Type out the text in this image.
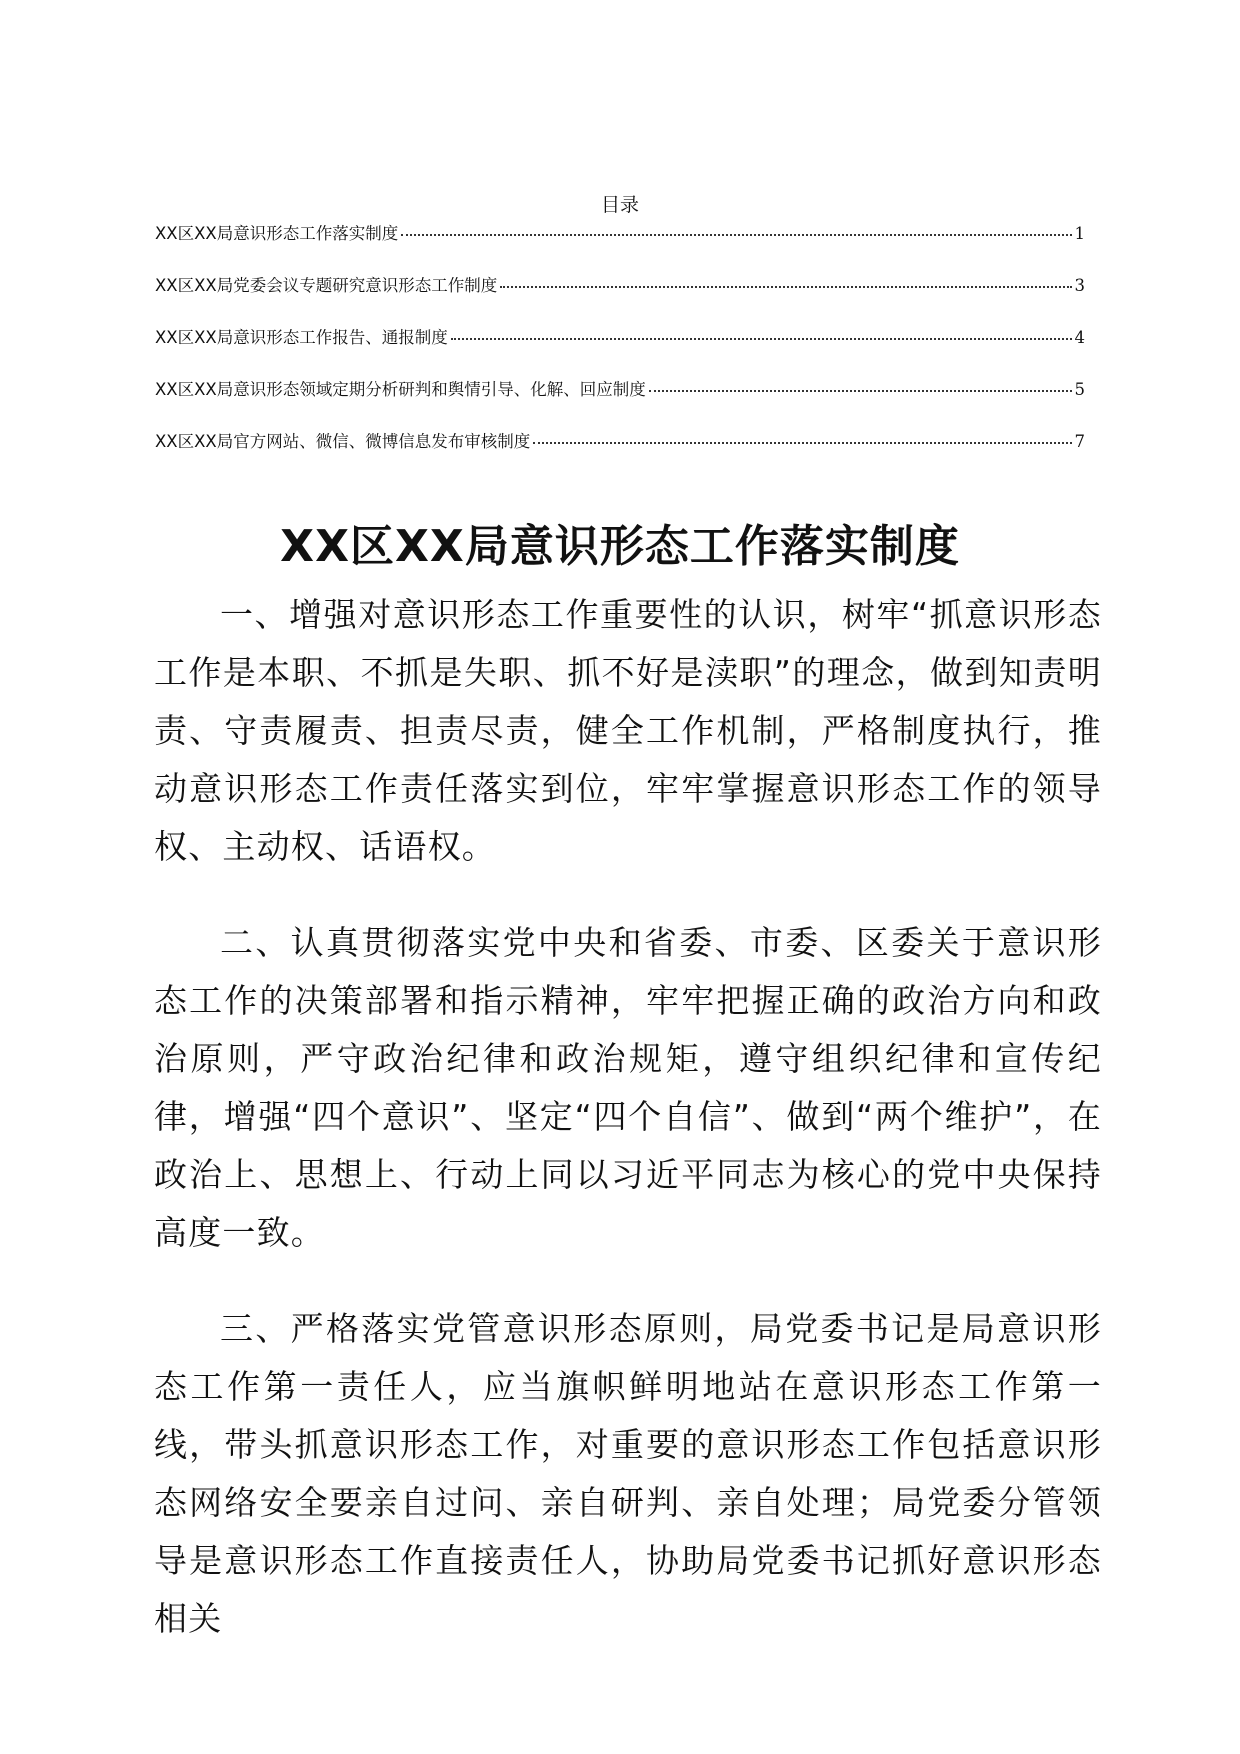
目录
XX区XX局意识形态工作落实制度	1
XX区XX局党委会议专题研究意识形态工作制度	3
XX区XX局意识形态工作报告、通报制度	4
XX区XX局意识形态领域定期分析研判和舆情引导、化解、回应制度	5
XX区XX局官方网站、微信、微博信息发布审核制度	7
XX区XX局意识形态工作落实制度

一、增强对意识形态工作重要性的认识，树牢“抓意识形态工作是本职、不抓是失职、抓不好是渎职”的理念，做到知责明责、守责履责、担责尽责，健全工作机制，严格制度执行，推动意识形态工作责任落实到位，牢牢掌握意识形态工作的领导权、主动权、话语权。

二、认真贯彻落实党中央和省委、市委、区委关于意识形态工作的决策部署和指示精神，牢牢把握正确的政治方向和政治原则，严守政治纪律和政治规矩，遵守组织纪律和宣传纪律，增强“四个意识”、坚定“四个自信”、做到“两个维护”，在政治上、思想上、行动上同以习近平同志为核心的党中央保持高度一致。

三、严格落实党管意识形态原则，局党委书记是局意识形态工作第一责任人，应当旗帜鲜明地站在意识形态工作第一线，带头抓意识形态工作，对重要的意识形态工作包括意识形态网络安全要亲自过问、亲自研判、亲自处理；局党委分管领导是意识形态工作直接责任人，协助局党委书记抓好意识形态相关
